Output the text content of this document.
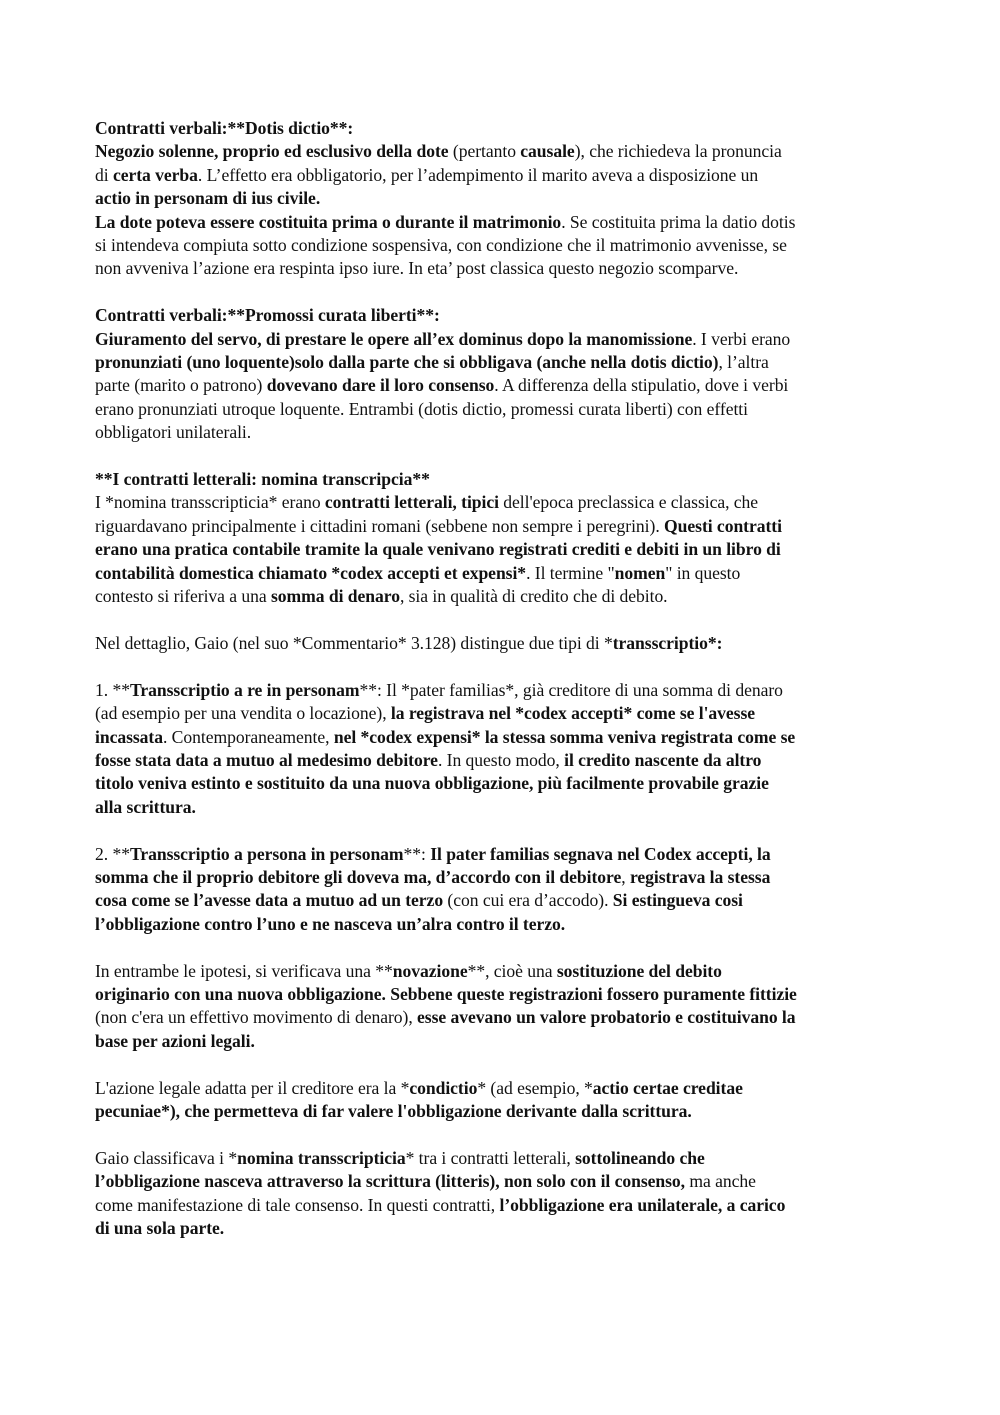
Contratti verbali:**Dotis dictio**:
Negozio solenne, proprio ed esclusivo della dote (pertanto causale), che richiedeva la pronuncia
di certa verba. L’effetto era obbligatorio, per l’adempimento il marito aveva a disposizione un
actio in personam di ius civile.
La dote poteva essere costituita prima o durante il matrimonio. Se costituita prima la datio dotis
si intendeva compiuta sotto condizione sospensiva, con condizione che il matrimonio avvenisse, se
non avveniva l’azione era respinta ipso iure. In eta’ post classica questo negozio scomparve.

Contratti verbali:**Promossi curata liberti**:
Giuramento del servo, di prestare le opere all’ex dominus dopo la manomissione. I verbi erano
pronunziati (uno loquente)solo dalla parte che si obbligava (anche nella dotis dictio), l’altra
parte (marito o patrono) dovevano dare il loro consenso. A differenza della stipulatio, dove i verbi
erano pronunziati utroque loquente. Entrambi (dotis dictio, promessi curata liberti) con effetti
obbligatori unilaterali.

**I contratti letterali: nomina transcripcia**
I *nomina transscripticia* erano contratti letterali, tipici dell'epoca preclassica e classica, che
riguardavano principalmente i cittadini romani (sebbene non sempre i peregrini). Questi contratti
erano una pratica contabile tramite la quale venivano registrati crediti e debiti in un libro di
contabilità domestica chiamato *codex accepti et expensi*. Il termine "nomen" in questo
contesto si riferiva a una somma di denaro, sia in qualità di credito che di debito.

Nel dettaglio, Gaio (nel suo *Commentario* 3.128) distingue due tipi di *transscriptio*:

1. **Transscriptio a re in personam**: Il *pater familias*, già creditore di una somma di denaro
(ad esempio per una vendita o locazione), la registrava nel *codex accepti* come se l'avesse
incassata. Contemporaneamente, nel *codex expensi* la stessa somma veniva registrata come se
fosse stata data a mutuo al medesimo debitore. In questo modo, il credito nascente da altro
titolo veniva estinto e sostituito da una nuova obbligazione, più facilmente provabile grazie
alla scrittura.

2. **Transscriptio a persona in personam**: Il pater familias segnava nel Codex accepti, la
somma che il proprio debitore gli doveva ma, d’accordo con il debitore, registrava la stessa
cosa come se l’avesse data a mutuo ad un terzo (con cui era d’accodo). Si estingueva cosi
l’obbligazione contro l’uno e ne nasceva un’alra contro il terzo.

In entrambe le ipotesi, si verificava una **novazione**, cioè una sostituzione del debito
originario con una nuova obbligazione. Sebbene queste registrazioni fossero puramente fittizie
(non c'era un effettivo movimento di denaro), esse avevano un valore probatorio e costituivano la
base per azioni legali.

L'azione legale adatta per il creditore era la *condictio* (ad esempio, *actio certae creditae
pecuniae*), che permetteva di far valere l'obbligazione derivante dalla scrittura.

Gaio classificava i *nomina transscripticia* tra i contratti letterali, sottolineando che
l’obbligazione nasceva attraverso la scrittura (litteris), non solo con il consenso, ma anche
come manifestazione di tale consenso. In questi contratti, l’obbligazione era unilaterale, a carico
di una sola parte.
